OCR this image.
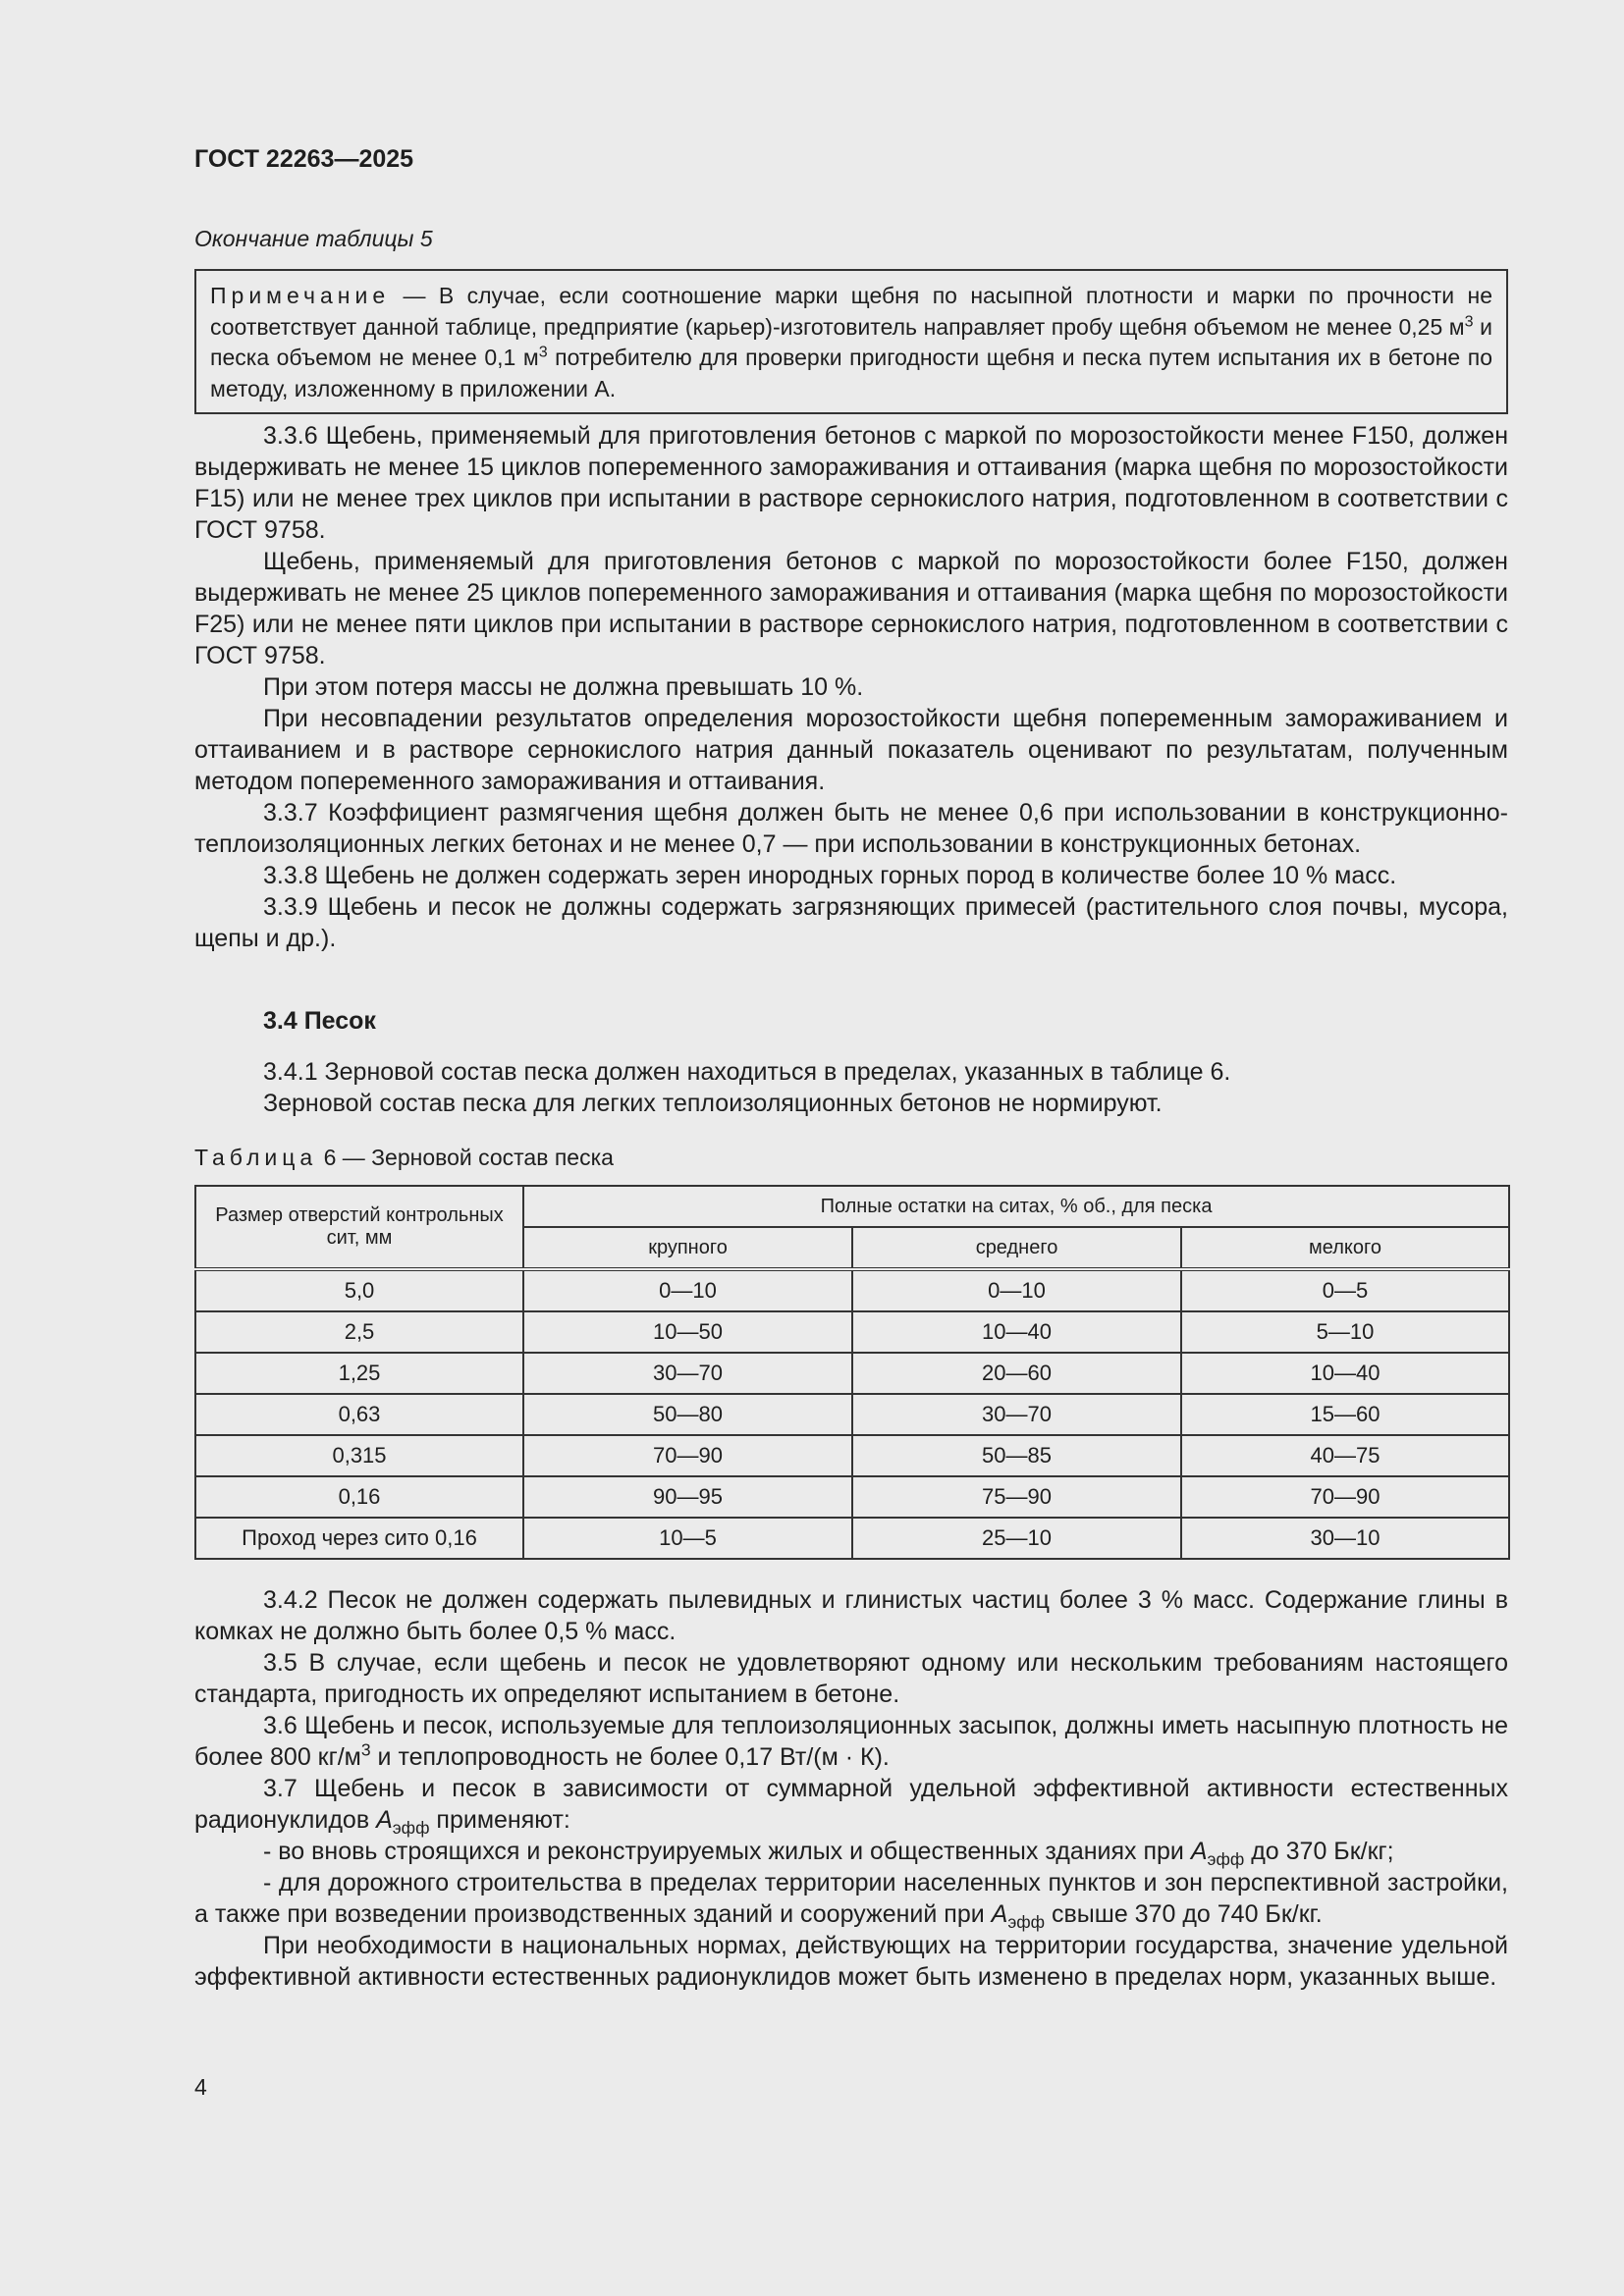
ГОСТ 22263—2025
Окончание таблицы 5
Примечание — В случае, если соотношение марки щебня по насыпной плотности и марки по прочности не соответствует данной таблице, предприятие (карьер)-изготовитель направляет пробу щебня объемом не менее 0,25 $м^3$ и песка объемом не менее 0,1 $м^3$ потребителю для проверки пригодности щебня и песка путем испытания их в бетоне по методу, изложенному в приложении А.

3.3.6 Щебень, применяемый для приготовления бетонов с маркой по морозостойкости менее F150, должен выдерживать не менее 15 циклов попеременного замораживания и оттаивания (марка щебня по морозостойкости F15) или не менее трех циклов при испытании в растворе сернокислого натрия, подготовленном в соответствии с ГОСТ 9758.

Щебень, применяемый для приготовления бетонов с маркой по морозостойкости более F150, должен выдерживать не менее 25 циклов попеременного замораживания и оттаивания (марка щебня по морозостойкости F25) или не менее пяти циклов при испытании в растворе сернокислого натрия, подготовленном в соответствии с ГОСТ 9758.

При этом потеря массы не должна превышать 10 %.

При несовпадении результатов определения морозостойкости щебня попеременным замораживанием и оттаиванием и в растворе сернокислого натрия данный показатель оценивают по результатам, полученным методом попеременного замораживания и оттаивания.

3.3.7 Коэффициент размягчения щебня должен быть не менее 0,6 при использовании в конструкционно-теплоизоляционных легких бетонах и не менее 0,7 — при использовании в конструкционных бетонах.

3.3.8 Щебень не должен содержать зерен инородных горных пород в количестве более 10 % масс.

3.3.9 Щебень и песок не должны содержать загрязняющих примесей (растительного слоя почвы, мусора, щепы и др.).

3.4 Песок

3.4.1 Зерновой состав песка должен находиться в пределах, указанных в таблице 6.

Зерновой состав песка для легких теплоизоляционных бетонов не нормируют.

Таблица 6 — Зерновой состав песка
Размер отверстий контрольных сит, мм	Полные остатки на ситах, % об., для песка		
	крупного	среднего	мелкого
5,0	0—10	0—10	0—5
2,5	10—50	10—40	5—10
1,25	30—70	20—60	10—40
0,63	50—80	30—70	15—60
0,315	70—90	50—85	40—75
0,16	90—95	75—90	70—90
Проход через сито 0,16	10—5	25—10	30—10

3.4.2 Песок не должен содержать пылевидных и глинистых частиц более 3 % масс. Содержание глины в комках не должно быть более 0,5 % масс.

3.5 В случае, если щебень и песок не удовлетворяют одному или нескольким требованиям настоящего стандарта, пригодность их определяют испытанием в бетоне.

3.6 Щебень и песок, используемые для теплоизоляционных засыпок, должны иметь насыпную плотность не более 800 $кг/м^3$ и теплопроводность не более 0,17 Вт/(м · К).

3.7 Щебень и песок в зависимости от суммарной удельной эффективной активности естественных радионуклидов $A_{эфф}$ применяют:

- во вновь строящихся и реконструируемых жилых и общественных зданиях при $A_{эфф}$ до 370 Бк/кг;

- для дорожного строительства в пределах территории населенных пунктов и зон перспективной застройки, а также при возведении производственных зданий и сооружений при $A_{эфф}$ свыше 370 до 740 Бк/кг.

При необходимости в национальных нормах, действующих на территории государства, значение удельной эффективной активности естественных радионуклидов может быть изменено в пределах норм, указанных выше.

4
